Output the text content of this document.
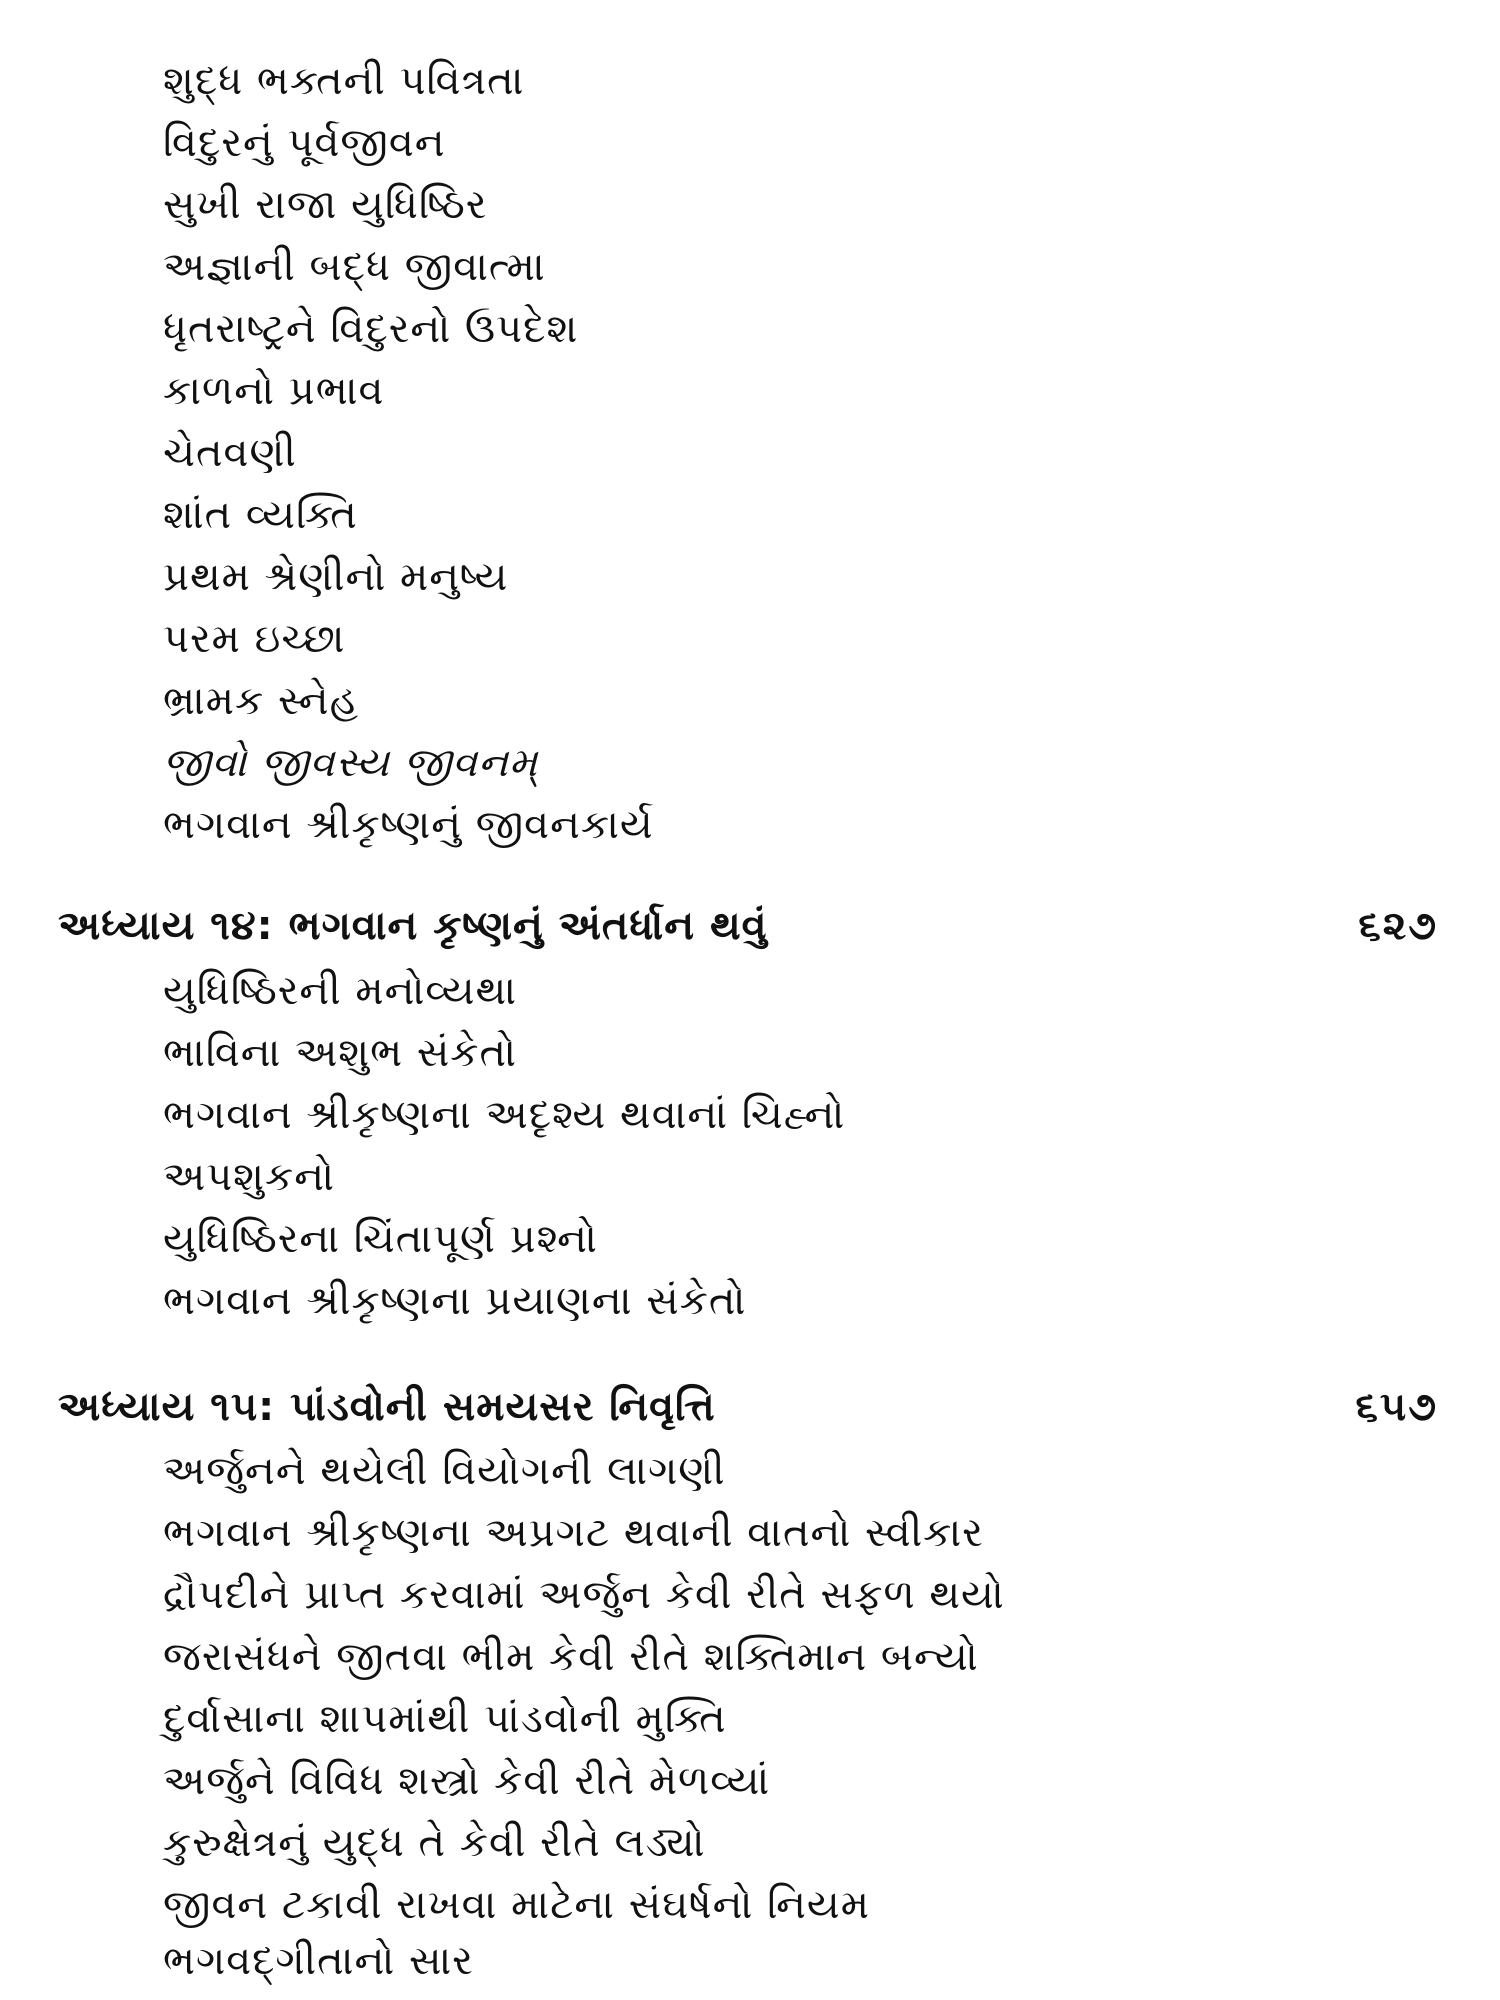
શુદ્ધ ભક્તની પવિત્રતા
વિદુરનું પૂર્વજીવન
સુખી રાજા યુધિષ્ઠિર
અજ્ઞાની બદ્ધ જીવાત્મા
ધૃતરાષ્ટ્રને વિદુરનો ઉપદેશ
કાળનો પ્રભાવ
ચેતવણી
શાંત વ્યક્તિ
પ્રથમ શ્રેણીનો મનુષ્ય
પરમ ઇચ્છા
ભ્રામક સ્નેહ
જીવો જીવસ્ય જીવનમ્
ભગવાન શ્રીકૃષ્ણનું જીવનકાર્ય
અધ્યાય ૧૪: ભગવાન કૃષ્ણનું અંતર્ધાન થવું	૬૨૭
યુધિષ્ઠિરની મનોવ્યથા
ભાવિના અશુભ સંકેતો
ભગવાન શ્રીકૃષ્ણના અદૃશ્ય થવાનાં ચિહ્નો
અપશુકનો
યુધિષ્ઠિરના ચિંતાપૂર્ણ પ્રશ્નો
ભગવાન શ્રીકૃષ્ણના પ્રયાણના સંકેતો
અધ્યાય ૧૫: પાંડવોની સમયસર નિવૃત્તિ	૬૫૭
અર્જુનને થયેલી વિયોગની લાગણી
ભગવાન શ્રીકૃષ્ણના અપ્રગટ થવાની વાતનો સ્વીકાર
દ્રૌપદીને પ્રાપ્ત કરવામાં અર્જુન કેવી રીતે સફળ થયો
જરાસંધને જીતવા ભીમ કેવી રીતે શક્તિમાન બન્યો
દુર્વાસાના શાપમાંથી પાંડવોની મુક્તિ
અર્જુને વિવિધ શસ્ત્રો કેવી રીતે મેળવ્યાં
કુરુક્ષેત્રનું યુદ્ધ તે કેવી રીતે લડ્યો
જીવન ટકાવી રાખવા માટેના સંઘર્ષનો નિયમ
ભગવદ્ગીતાનો સાર
